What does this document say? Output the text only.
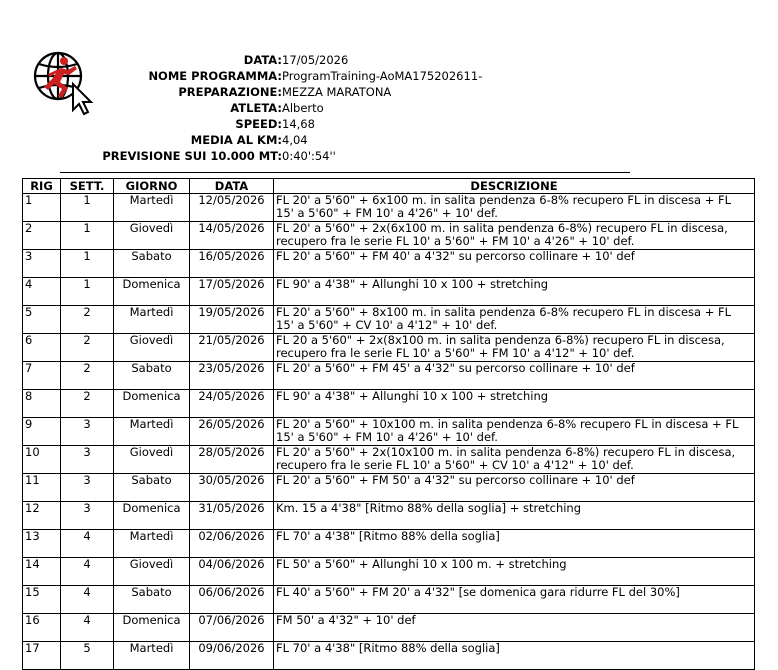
DATA: 17/05/2026
NOME PROGRAMMA: ProgramTraining-AoMA175202611-
PREPARAZIONE: MEZZA MARATONA
ATLETA: Alberto
SPEED: 14,68
MEDIA AL KM: 4,04
PREVISIONE SUI 10.000 MT: 0:40':54''
RIG	SETT.	GIORNO	DATA	DESCRIZIONE
1	1	Martedì	12/05/2026	FL 20' a 5'60" + 6x100 m. in salita pendenza 6-8% recupero FL in discesa + FL 15' a 5'60" + FM 10' a 4'26" + 10' def.
2	1	Giovedì	14/05/2026	FL 20' a 5'60" + 2x(6x100 m. in salita pendenza 6-8%) recupero FL in discesa, recupero fra le serie FL 10' a 5'60" + FM 10' a 4'26" + 10' def.
3	1	Sabato	16/05/2026	FL 20' a 5'60" + FM 40' a 4'32" su percorso collinare + 10' def
4	1	Domenica	17/05/2026	FL 90' a 4'38" + Allunghi 10 x 100 + stretching
5	2	Martedì	19/05/2026	FL 20' a 5'60" + 8x100 m. in salita pendenza 6-8% recupero FL in discesa + FL 15' a 5'60" + CV 10' a 4'12" + 10' def.
6	2	Giovedì	21/05/2026	FL 20 a 5'60" + 2x(8x100 m. in salita pendenza 6-8%) recupero FL in discesa, recupero fra le serie FL 10' a 5'60" + FM 10' a 4'12" + 10' def.
7	2	Sabato	23/05/2026	FL 20' a 5'60" + FM 45' a 4'32" su percorso collinare + 10' def
8	2	Domenica	24/05/2026	FL 90' a 4'38" + Allunghi 10 x 100 + stretching
9	3	Martedì	26/05/2026	FL 20' a 5'60" + 10x100 m. in salita pendenza 6-8% recupero FL in discesa + FL 15' a 5'60" + FM 10' a 4'26" + 10' def.
10	3	Giovedì	28/05/2026	FL 20' a 5'60" + 2x(10x100 m. in salita pendenza 6-8%) recupero FL in discesa, recupero fra le serie FL 10' a 5'60" + CV 10' a 4'12" + 10' def.
11	3	Sabato	30/05/2026	FL 20' a 5'60" + FM 50' a 4'32" su percorso collinare + 10' def
12	3	Domenica	31/05/2026	Km. 15 a 4'38" [Ritmo 88% della soglia] + stretching
13	4	Martedì	02/06/2026	FL 70' a 4'38" [Ritmo 88% della soglia]
14	4	Giovedì	04/06/2026	FL 50' a 5'60" + Allunghi 10 x 100 m. + stretching
15	4	Sabato	06/06/2026	FL 40' a 5'60" + FM 20' a 4'32" [se domenica gara ridurre FL del 30%]
16	4	Domenica	07/06/2026	FM 50' a 4'32" + 10' def
17	5	Martedì	09/06/2026	FL 70' a 4'38" [Ritmo 88% della soglia]
